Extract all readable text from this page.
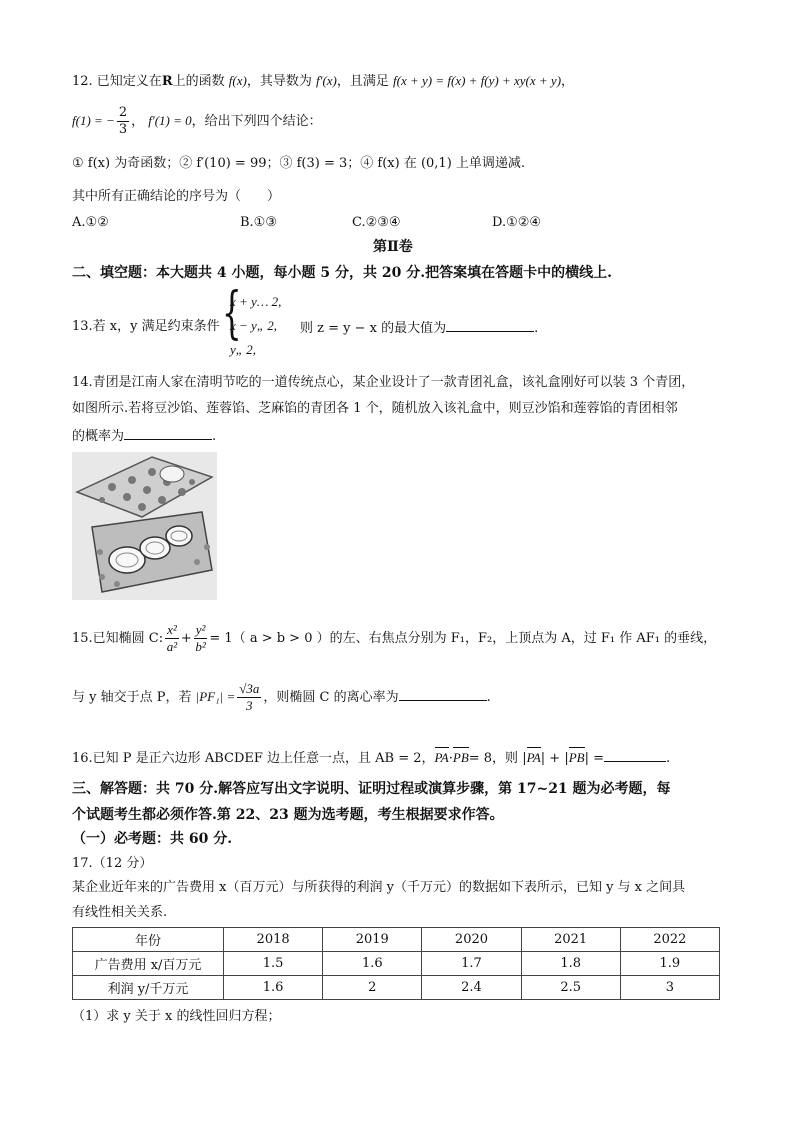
12. 已知定义在R上的函数 f(x)，其导数为 f′(x)，且满足 f(x + y) = f(x) + f(y) + xy(x + y)，
f(1) = − $\frac{2}{3}$ ， f′(1) = 0，给出下列四个结论：
① f(x) 为奇函数；② f′(10) = 99；③ f(3) = 3；④ f(x) 在 (0,1) 上单调递减.
其中所有正确结论的序号为（　　）
A.①②	B.①③	C.②③④	D.①②④
第Ⅱ卷
二、填空题：本大题共 4 小题，每小题 5 分，共 20 分.把答案填在答题卡中的横线上.
13.若 x，y 满足约束条件 {
x + y… 2,
x − y„ 2,
y„ 2,
则 z = y − x 的最大值为	.
14.青团是江南人家在清明节吃的一道传统点心，某企业设计了一款青团礼盒，该礼盒刚好可以装 3 个青团，
如图所示.若将豆沙馅、莲蓉馅、芝麻馅的青团各 1 个，随机放入该礼盒中，则豆沙馅和莲蓉馅的青团相邻
的概率为	.
15.已知椭圆 C: $\frac{\text{x²}}{\text{a²}} + \frac{\text{y²}}{\text{b²}} = 1$（ a > b > 0 ）的左、右焦点分别为 F₁，F₂，上顶点为 A，过 F₁ 作 AF₁ 的垂线，
与 y 轴交于点 P，若 $|PF_1| = \frac{√3a}{3}$ ，则椭圆 C 的离心率为	.
16.已知 P 是正六边形 ABCDEF 边上任意一点，且 AB = 2，PA·PB= 8，则 |PA| + |PB| =	.
三、解答题：共 70 分.解答应写出文字说明、证明过程或演算步骤，第 17~21 题为必考题，每
个试题考生都必须作答.第 22、23 题为选考题，考生根据要求作答。
（一）必考题：共 60 分.
17.（12 分）
某企业近年来的广告费用 x（百万元）与所获得的利润 y（千万元）的数据如下表所示，已知 y 与 x 之间具
有线性相关关系.
年份	2018	2019	2020	2021	2022
广告费用 x/百万元	1.5	1.6	1.7	1.8	1.9
利润 y/千万元	1.6	2	2.4	2.5	3
（1）求 y 关于 x 的线性回归方程；
